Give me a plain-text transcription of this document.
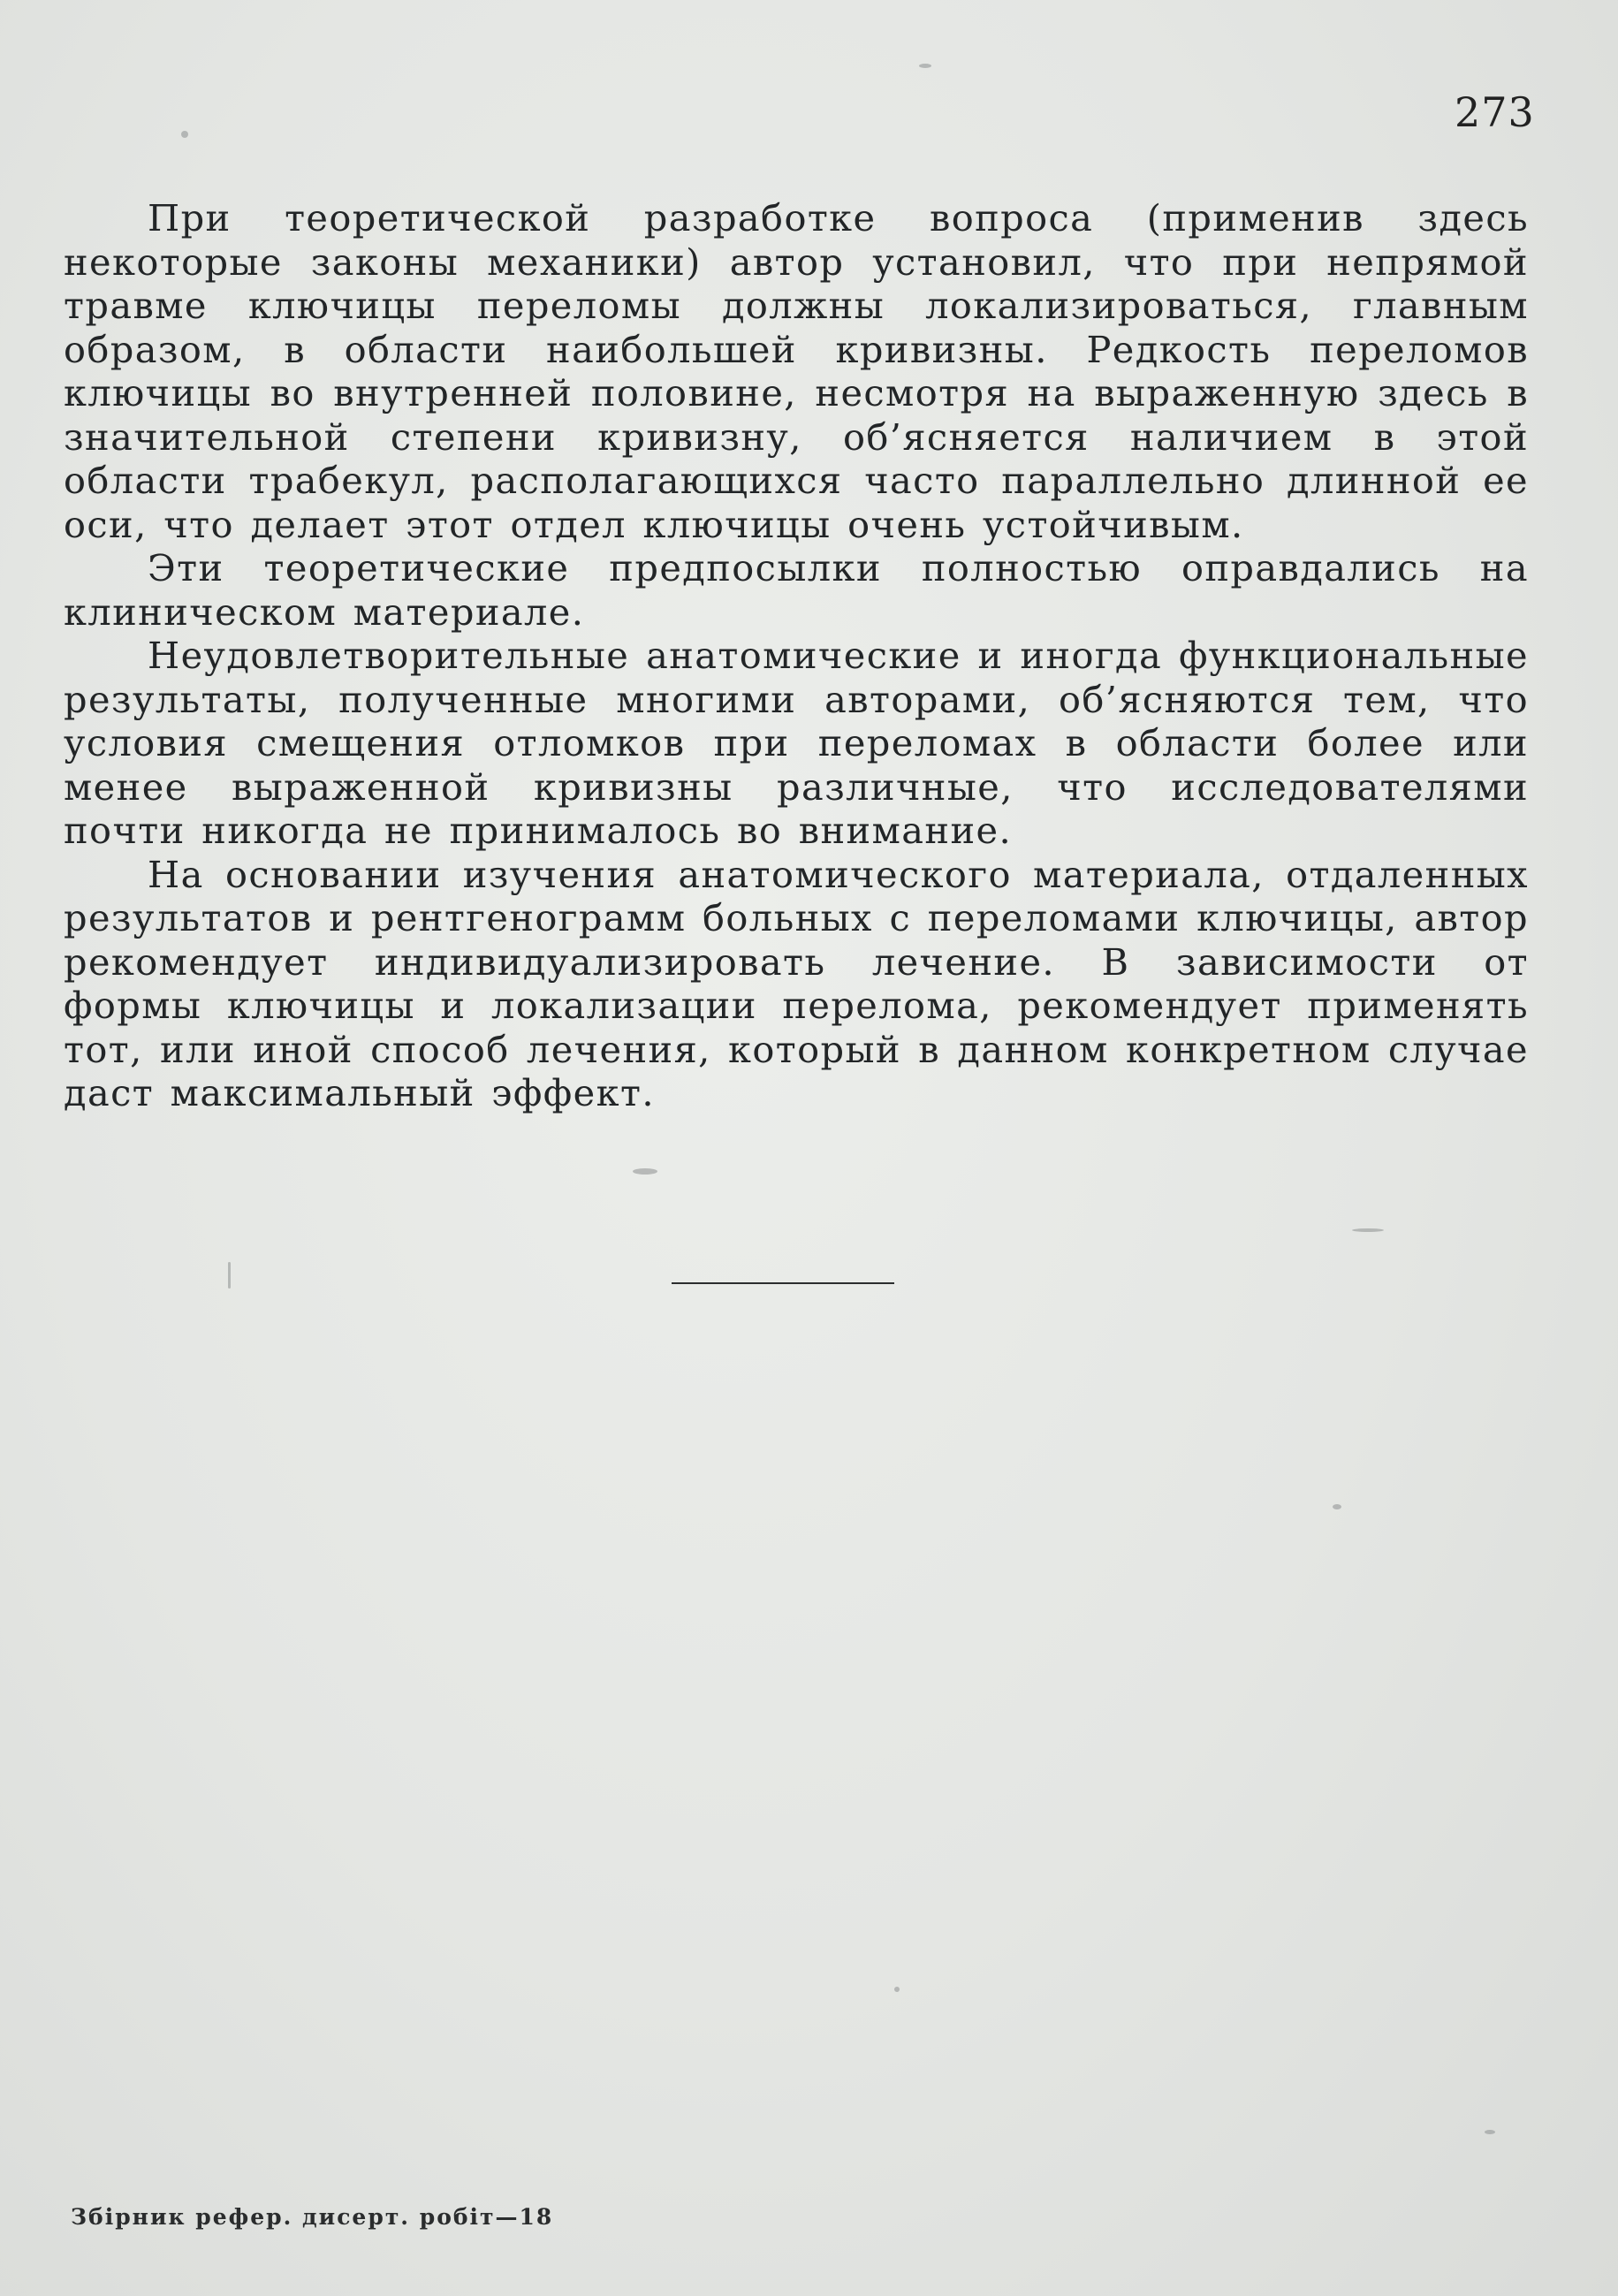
273

При теоретической разработке вопроса (применив здесь некоторые законы механики) автор установил, что при непрямой травме ключицы переломы должны локализироваться, главным образом, в области наибольшей кривизны. Редкость переломов ключицы во внутренней половине, несмотря на выраженную здесь в значительной степени кривизну, об’ясняется наличием в этой области трабекул, располагающихся часто параллельно длинной ее оси, что делает этот отдел ключицы очень устойчивым.

Эти теоретические предпосылки полностью оправдались на клиническом материале.

Неудовлетворительные анатомические и иногда функциональные результаты, полученные многими авторами, об’ясняются тем, что условия смещения отломков при переломах в области более или менее выраженной кривизны различные, что исследователями почти никогда не принималось во внимание.

На основании изучения анатомического материала, отдаленных результатов и рентгенограмм больных с переломами ключицы, автор рекомендует индивидуализировать лечение. В зависимости от формы ключицы и локализации перелома, рекомендует применять тот, или иной способ лечения, который в данном конкретном случае даст максимальный эффект.

Збірник рефер. дисерт. робіт—18
